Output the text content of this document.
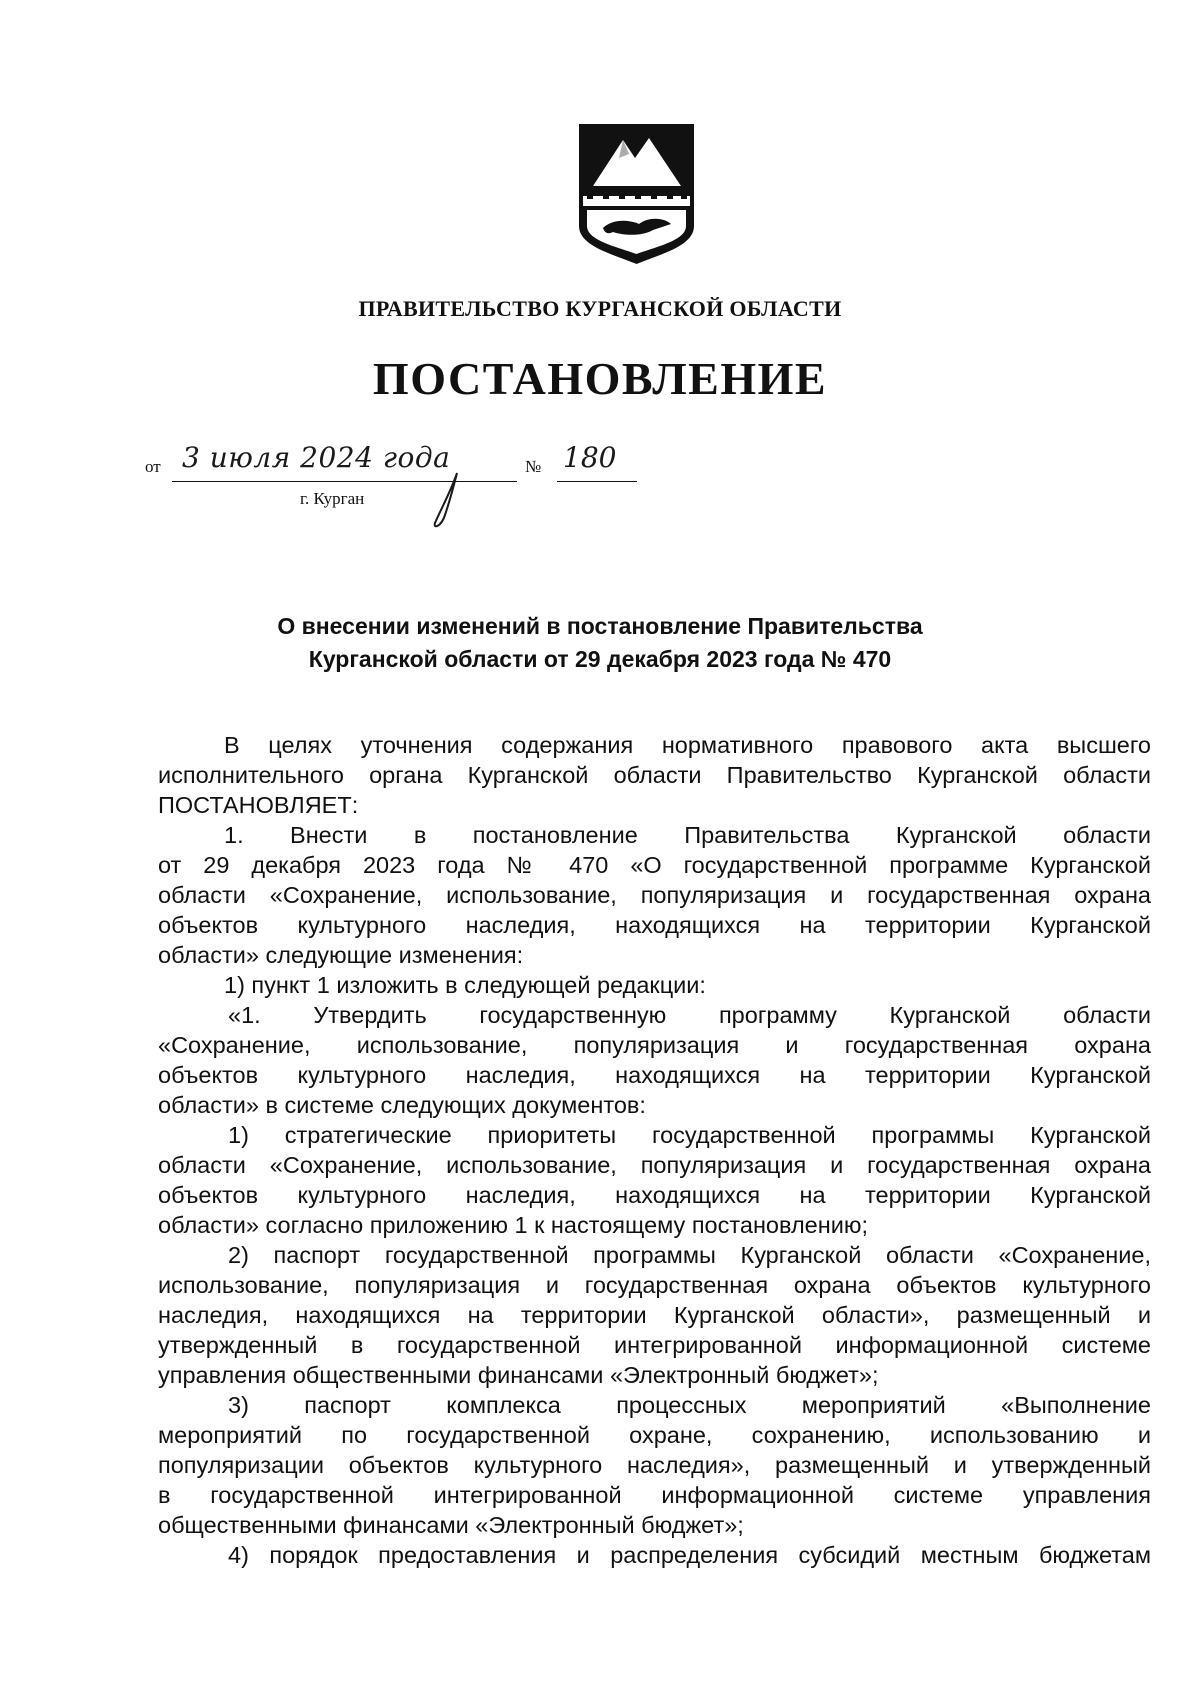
ПРАВИТЕЛЬСТВО КУРГАНСКОЙ ОБЛАСТИ
ПОСТАНОВЛЕНИЕ
от 3 июля 2024 года	№ 180
г. Курган
О внесении изменений в постановление Правительства
Курганской области от 29 декабря 2023 года № 470

В целях уточнения содержания нормативного правового акта высшего

исполнительного органа Курганской области Правительство Курганской области

ПОСТАНОВЛЯЕТ:

1. Внести в постановление Правительства Курганской области

от 29 декабря 2023 года № 470 «О государственной программе Курганской

области «Сохранение, использование, популяризация и государственная охрана

объектов культурного наследия, находящихся на территории Курганской

области» следующие изменения:

1) пункт 1 изложить в следующей редакции:

«1. Утвердить государственную программу Курганской области

«Сохранение, использование, популяризация и государственная охрана

объектов культурного наследия, находящихся на территории Курганской

области» в системе следующих документов:

1) стратегические приоритеты государственной программы Курганской

области «Сохранение, использование, популяризация и государственная охрана

объектов культурного наследия, находящихся на территории Курганской

области» согласно приложению 1 к настоящему постановлению;

2) паспорт государственной программы Курганской области «Сохранение,

использование, популяризация и государственная охрана объектов культурного

наследия, находящихся на территории Курганской области», размещенный и

утвержденный в государственной интегрированной информационной системе

управления общественными финансами «Электронный бюджет»;

3) паспорт комплекса процессных мероприятий «Выполнение

мероприятий по государственной охране, сохранению, использованию и

популяризации объектов культурного наследия», размещенный и утвержденный

в государственной интегрированной информационной системе управления

общественными финансами «Электронный бюджет»;

4) порядок предоставления и распределения субсидий местным бюджетам
